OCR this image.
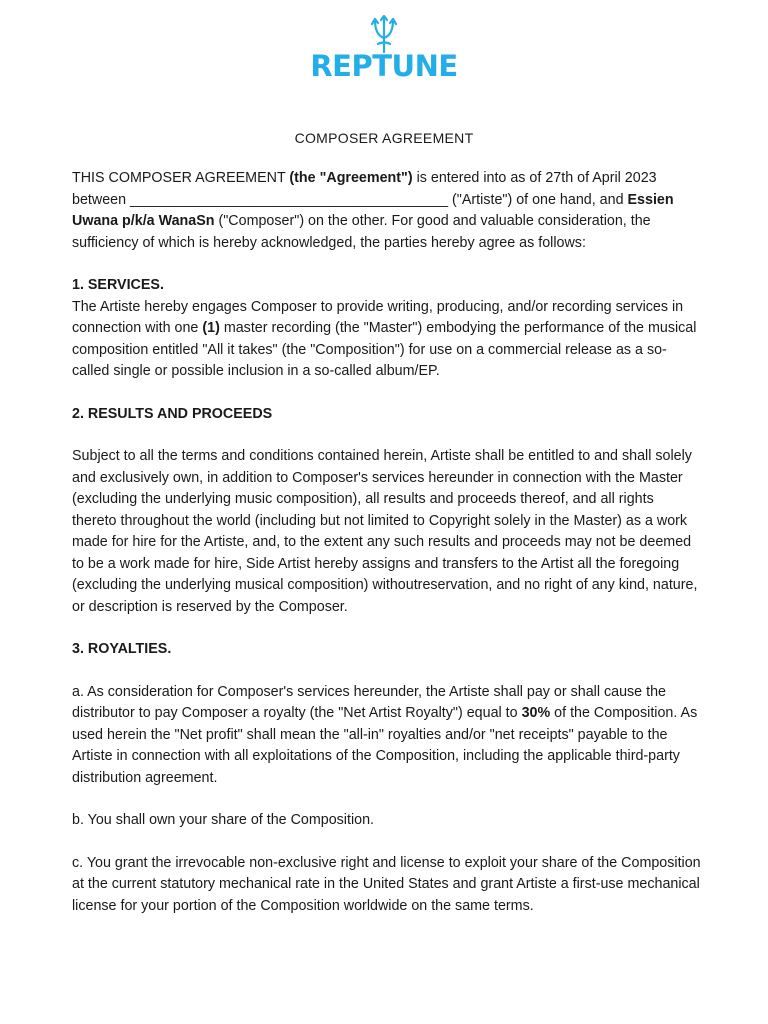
REPTUNE
COMPOSER AGREEMENT

THIS COMPOSER AGREEMENT (the "Agreement") is entered into as of 27th of April 2023 between ________________________________________ ("Artiste") of one hand, and Essien Uwana p/k/a WanaSn ("Composer") on the other. For good and valuable consideration, the sufficiency of which is hereby acknowledged, the parties hereby agree as follows:

1. SERVICES.

The Artiste hereby engages Composer to provide writing, producing, and/or recording services in connection with one (1) master recording (the "Master") embodying the performance of the musical composition entitled "All it takes" (the "Composition") for use on a commercial release as a so-called single or possible inclusion in a so-called album/EP.

2. RESULTS AND PROCEEDS

Subject to all the terms and conditions contained herein, Artiste shall be entitled to and shall solely and exclusively own, in addition to Composer's services hereunder in connection with the Master (excluding the underlying music composition), all results and proceeds thereof, and all rights thereto throughout the world (including but not limited to Copyright solely in the Master) as a work made for hire for the Artiste, and, to the extent any such results and proceeds may not be deemed to be a work made for hire, Side Artist hereby assigns and transfers to the Artist all the foregoing (excluding the underlying musical composition) withoutreservation, and no right of any kind, nature, or description is reserved by the Composer.

3. ROYALTIES.

a. As consideration for Composer's services hereunder, the Artiste shall pay or shall cause the distributor to pay Composer a royalty (the "Net Artist Royalty") equal to 30% of the Composition. As used herein the "Net profit" shall mean the "all-in" royalties and/or "net receipts" payable to the Artiste in connection with all exploitations of the Composition, including the applicable third-party distribution agreement.

b. You shall own your share of the Composition.

c. You grant the irrevocable non-exclusive right and license to exploit your share of the Composition at the current statutory mechanical rate in the United States and grant Artiste a first-use mechanical license for your portion of the Composition worldwide on the same terms.
